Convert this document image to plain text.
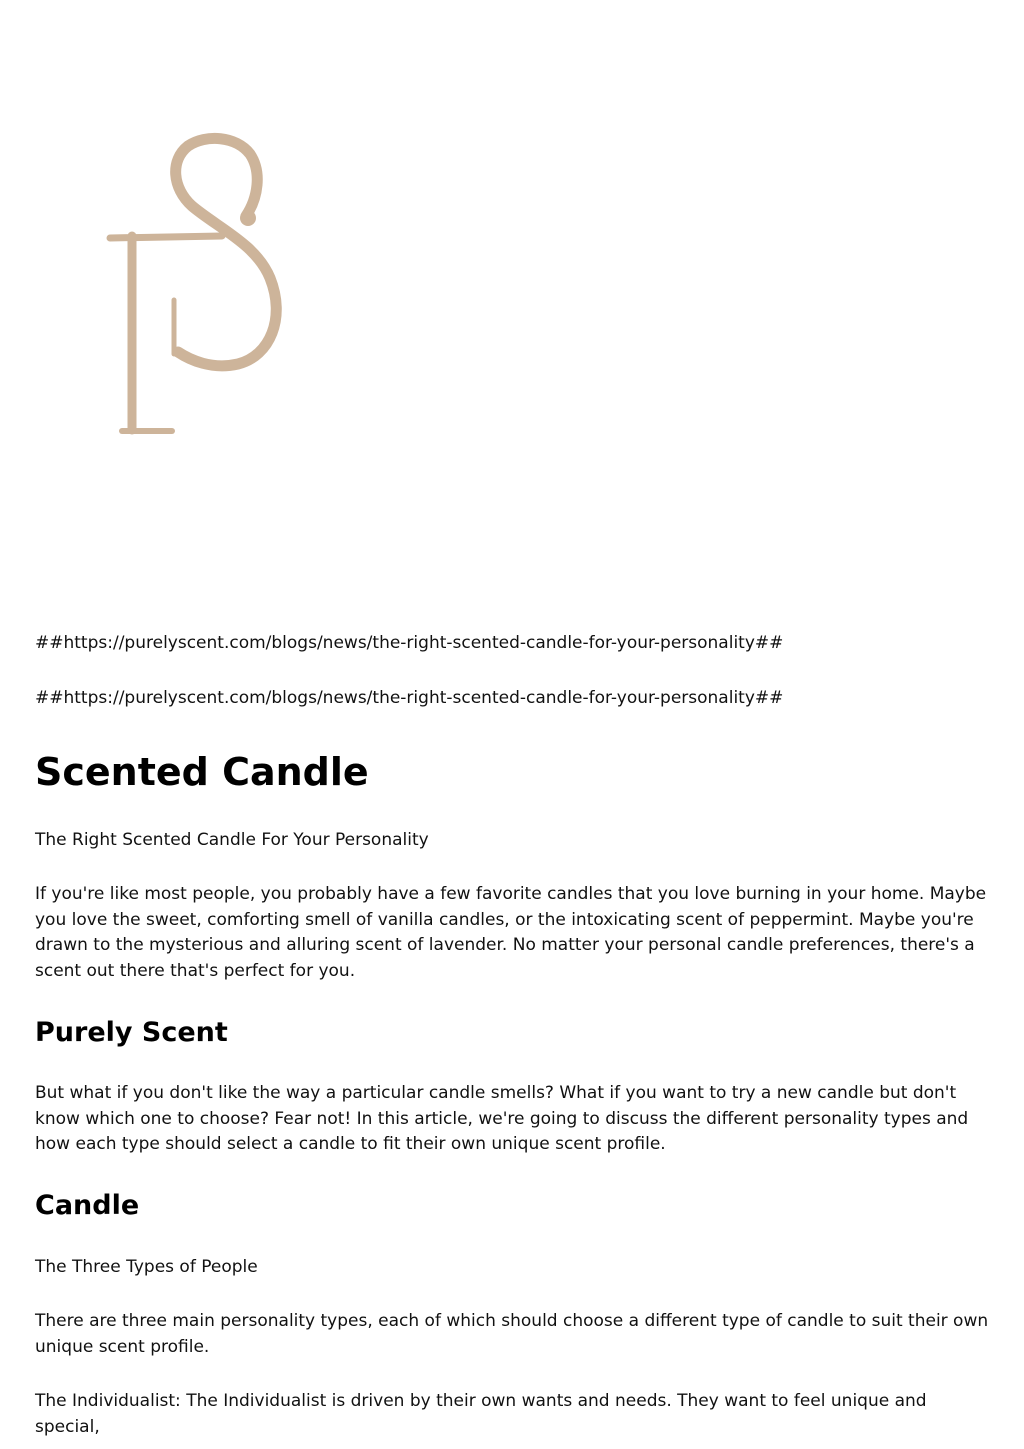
##https://purelyscent.com/blogs/news/the-right-scented-candle-for-your-personality##
##https://purelyscent.com/blogs/news/the-right-scented-candle-for-your-personality##
Scented Candle

The Right Scented Candle For Your Personality

If you're like most people, you probably have a few favorite candles that you love burning in your home. Maybe you love the sweet, comforting smell of vanilla candles, or the intoxicating scent of peppermint. Maybe you're drawn to the mysterious and alluring scent of lavender. No matter your personal candle preferences, there's a scent out there that's perfect for you.

Purely Scent

But what if you don't like the way a particular candle smells? What if you want to try a new candle but don't know which one to choose? Fear not! In this article, we're going to discuss the different personality types and how each type should select a candle to fit their own unique scent profile.

Candle

The Three Types of People

There are three main personality types, each of which should choose a different type of candle to suit their own unique scent profile.

The Individualist: The Individualist is driven by their own wants and needs. They want to feel unique and special,
